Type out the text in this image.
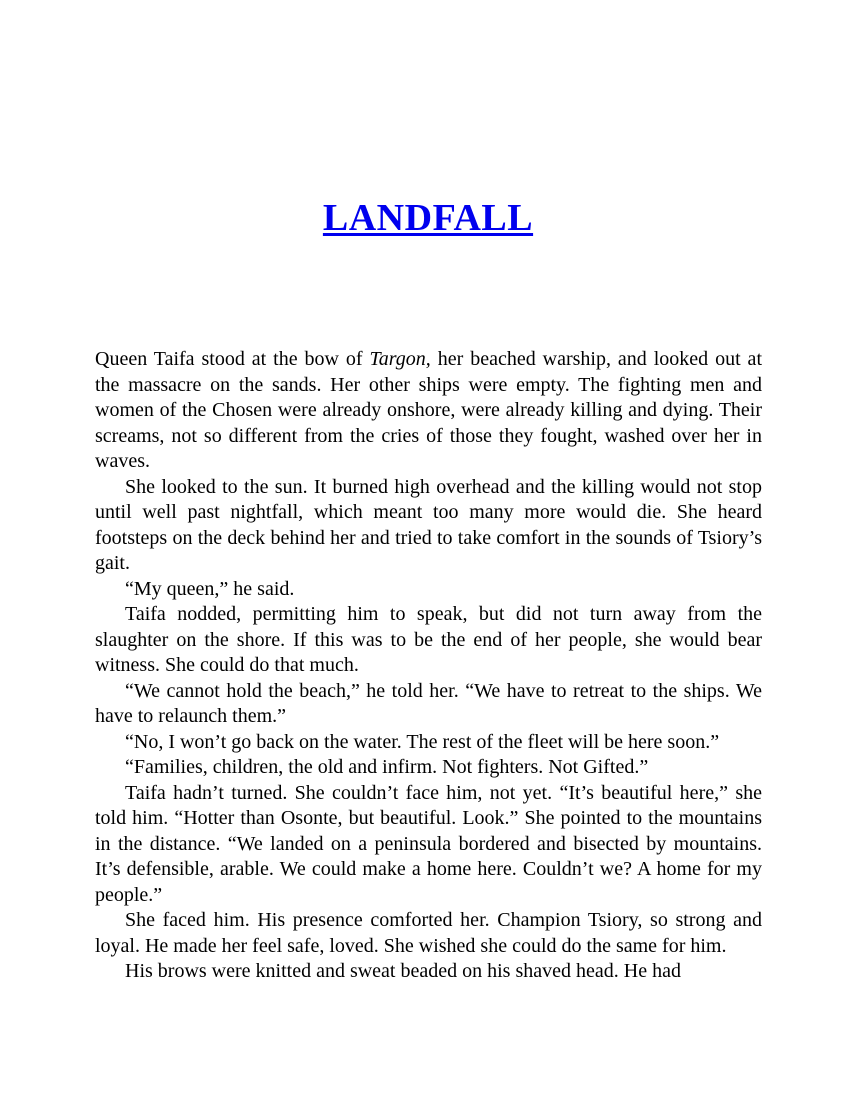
LANDFALL

Queen Taifa stood at the bow of Targon, her beached warship, and looked out at the massacre on the sands. Her other ships were empty. The fighting men and women of the Chosen were already onshore, were already killing and dying. Their screams, not so different from the cries of those they fought, washed over her in waves.

She looked to the sun. It burned high overhead and the killing would not stop until well past nightfall, which meant too many more would die. She heard footsteps on the deck behind her and tried to take comfort in the sounds of Tsiory’s gait.

“My queen,” he said.

Taifa nodded, permitting him to speak, but did not turn away from the slaughter on the shore. If this was to be the end of her people, she would bear witness. She could do that much.

“We cannot hold the beach,” he told her. “We have to retreat to the ships. We have to relaunch them.”

“No, I won’t go back on the water. The rest of the fleet will be here soon.”

“Families, children, the old and infirm. Not fighters. Not Gifted.”

Taifa hadn’t turned. She couldn’t face him, not yet. “It’s beautiful here,” she told him. “Hotter than Osonte, but beautiful. Look.” She pointed to the mountains in the distance. “We landed on a peninsula bordered and bisected by mountains. It’s defensible, arable. We could make a home here. Couldn’t we? A home for my people.”

She faced him. His presence comforted her. Champion Tsiory, so strong and loyal. He made her feel safe, loved. She wished she could do the same for him.

His brows were knitted and sweat beaded on his shaved head. He had
